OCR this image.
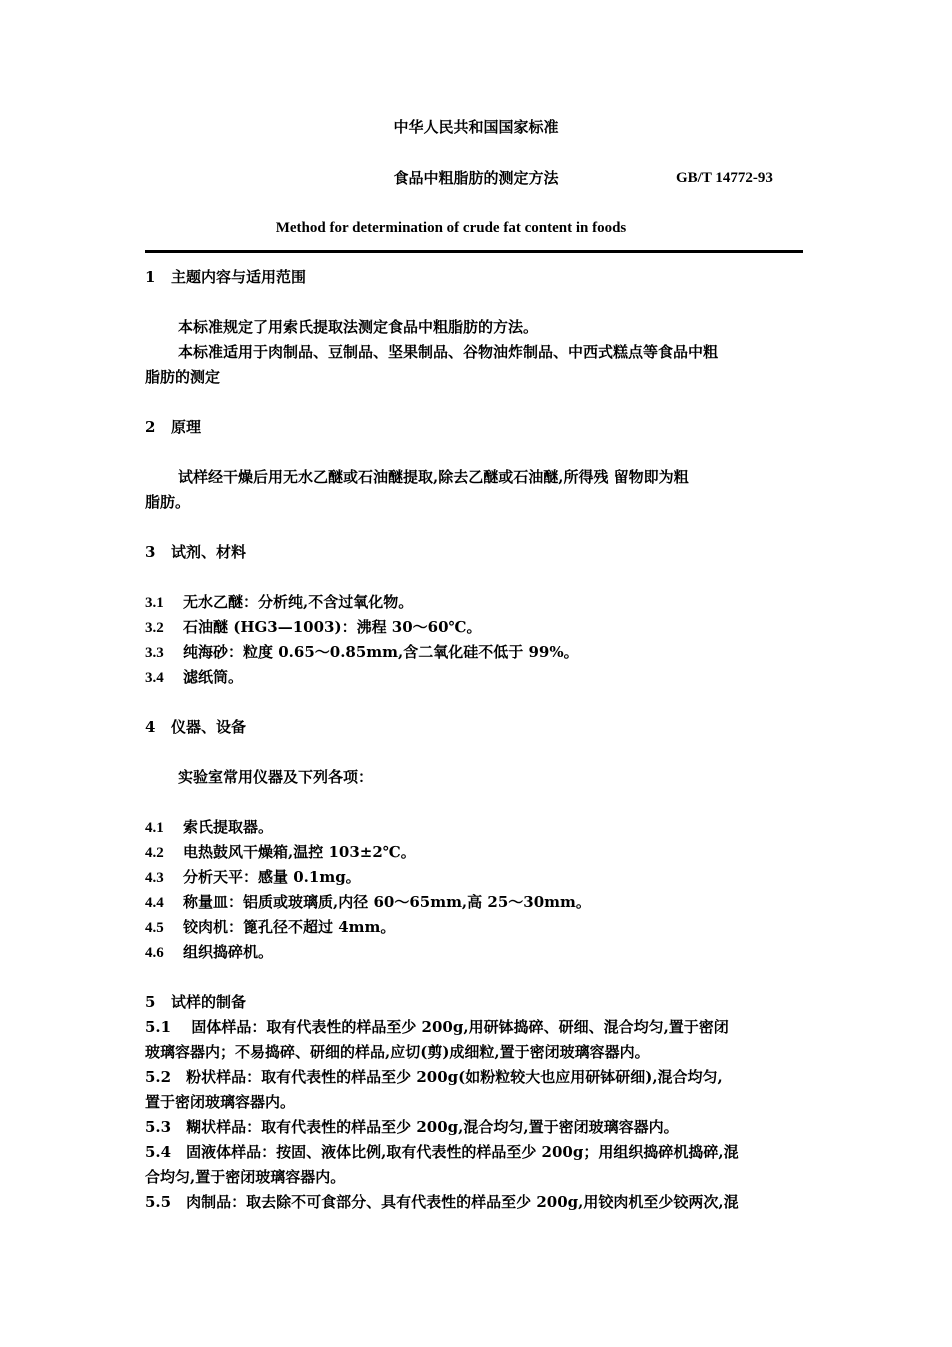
中华人民共和国国家标准
食品中粗脂肪的测定方法	GB/T 14772-93
Method for determination of crude fat content in foods
1 主题内容与适用范围
本标准规定了用索氏提取法测定食品中粗脂肪的方法。
本标准适用于肉制品、豆制品、坚果制品、谷物油炸制品、中西式糕点等食品中粗
脂肪的测定
2 原理
试样经干燥后用无水乙醚或石油醚提取,除去乙醚或石油醚,所得残 留物即为粗
脂肪。
3 试剂、材料
3.1 无水乙醚：分析纯,不含过氧化物。
3.2 石油醚 (HG3—1003)：沸程 30～60℃。
3.3 纯海砂：粒度 0.65～0.85mm,含二氧化硅不低于 99%。
3.4 滤纸筒。
4 仪器、设备
实验室常用仪器及下列各项：
4.1 索氏提取器。
4.2 电热鼓风干燥箱,温控 103±2℃。
4.3 分析天平：感量 0.1mg。
4.4 称量皿：铝质或玻璃质,内径 60～65mm,高 25～30mm。
4.5 铰肉机：篦孔径不超过 4mm。
4.6 组织捣碎机。
5 试样的制备
5.1　 固体样品：取有代表性的样品至少 200g,用研钵捣碎、研细、混合均匀,置于密闭
玻璃容器内；不易捣碎、研细的样品,应切(剪)成细粒,置于密闭玻璃容器内。
5.2　粉状样品：取有代表性的样品至少 200g(如粉粒较大也应用研钵研细),混合均匀,
置于密闭玻璃容器内。
5.3　糊状样品：取有代表性的样品至少 200g,混合均匀,置于密闭玻璃容器内。
5.4　固液体样品：按固、液体比例,取有代表性的样品至少 200g；用组织捣碎机捣碎,混
合均匀,置于密闭玻璃容器内。
5.5　肉制品：取去除不可食部分、具有代表性的样品至少 200g,用铰肉机至少铰两次,混
